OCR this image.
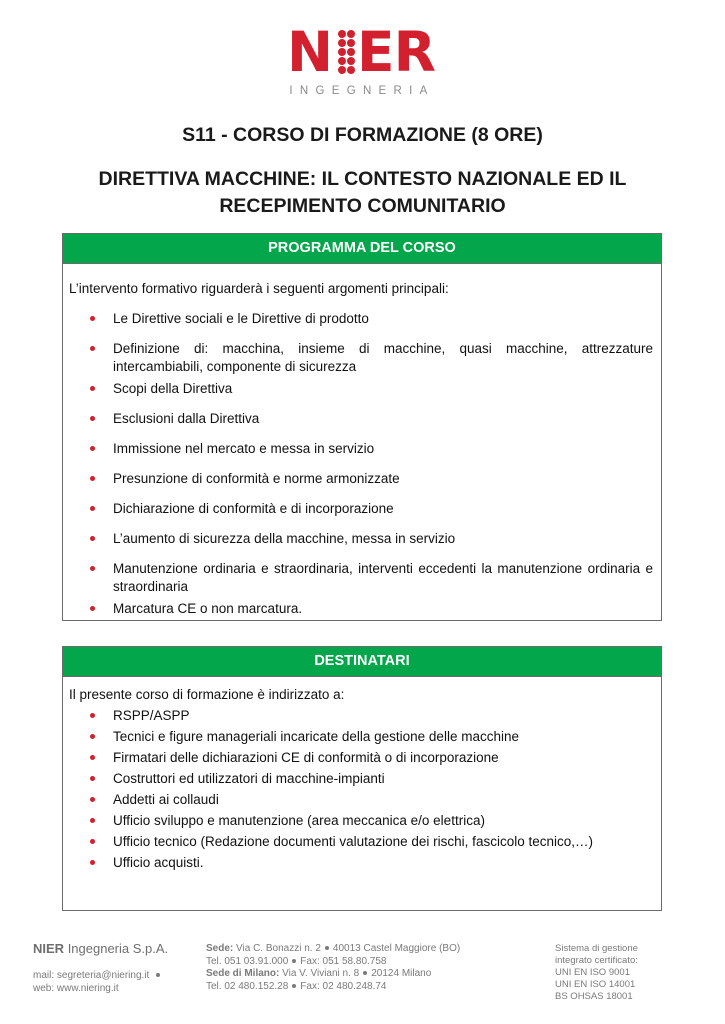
N ER
INGEGNERIA
S11 - CORSO DI FORMAZIONE (8 ORE)
DIRETTIVA MACCHINE: IL CONTESTO NAZIONALE ED IL
RECEPIMENTO COMUNITARIO
PROGRAMMA DEL CORSO

L’intervento formativo riguarderà i seguenti argomenti principali:

Le Direttive sociali e le Direttive di prodotto
Definizione di: macchina, insieme di macchine, quasi macchine, attrezzature intercambiabili, componente di sicurezza
Scopi della Direttiva
Esclusioni dalla Direttiva
Immissione nel mercato e messa in servizio
Presunzione di conformità e norme armonizzate
Dichiarazione di conformità e di incorporazione
L’aumento di sicurezza della macchine, messa in servizio
Manutenzione ordinaria e straordinaria, interventi eccedenti la manutenzione ordinaria e straordinaria
Marcatura CE o non marcatura.
DESTINATARI

Il presente corso di formazione è indirizzato a:

RSPP/ASPP
Tecnici e figure manageriali incaricate della gestione delle macchine
Firmatari delle dichiarazioni CE di conformità o di incorporazione
Costruttori ed utilizzatori di macchine-impianti
Addetti ai collaudi
Ufficio sviluppo e manutenzione (area meccanica e/o elettrica)
Ufficio tecnico (Redazione documenti valutazione dei rischi, fascicolo tecnico,…)
Ufficio acquisti.
NIER Ingegneria S.p.A.
mail: segreteria@niering.it
web: www.niering.it
Sede: Via C. Bonazzi n. 2 40013 Castel Maggiore (BO)
Tel. 051 03.91.000 Fax: 051 58.80.758
Sede di Milano: Via V. Viviani n. 8 20124 Milano
Tel. 02 480.152.28 Fax: 02 480.248.74
Sistema di gestione
integrato certificato:
UNI EN ISO 9001
UNI EN ISO 14001
BS OHSAS 18001
